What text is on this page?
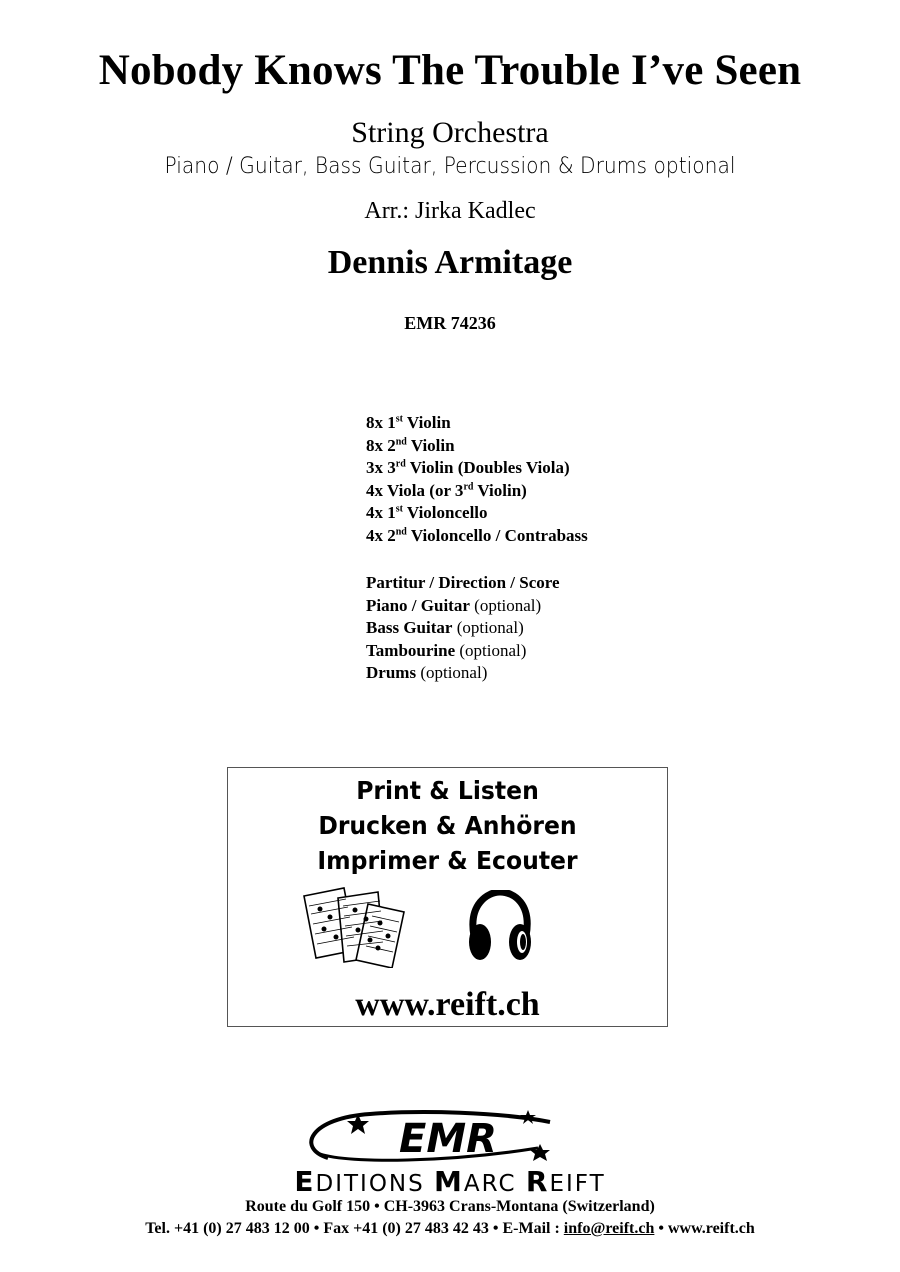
Nobody Knows The Trouble I’ve Seen
String Orchestra
Piano / Guitar, Bass Guitar, Percussion & Drums optional
Arr.: Jirka Kadlec
Dennis Armitage
EMR 74236
8x 1st Violin
8x 2nd Violin
3x 3rd Violin (Doubles Viola)
4x Viola (or 3rd Violin)
4x 1st Violoncello
4x 2nd Violoncello / Contrabass
Partitur / Direction / Score
Piano / Guitar (optional)
Bass Guitar (optional)
Tambourine (optional)
Drums (optional)
Print & Listen
Drucken & Anhören
Imprimer & Ecouter
www.reift.ch
EMR
EDITIONS MARC REIFT
Route du Golf 150 • CH-3963 Crans-Montana (Switzerland)
Tel. +41 (0) 27 483 12 00 • Fax +41 (0) 27 483 42 43 • E-Mail : info@reift.ch • www.reift.ch
